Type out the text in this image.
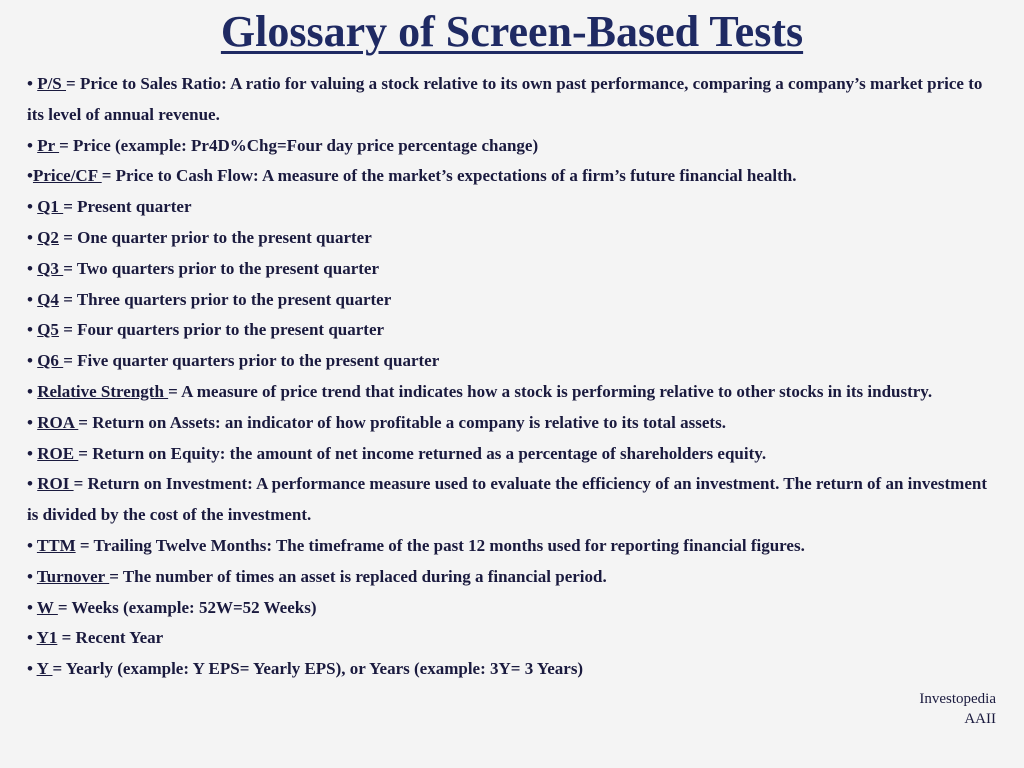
Glossary of Screen-Based Tests
• P/S = Price to Sales Ratio: A ratio for valuing a stock relative to its own past performance, comparing a company’s market price to its level of annual revenue.
• Pr = Price (example: Pr4D%Chg=Four day price percentage change)
•Price/CF = Price to Cash Flow: A measure of the market’s expectations of a firm’s future financial health.
• Q1 = Present quarter
• Q2 = One quarter prior to the present quarter
• Q3 = Two quarters prior to the present quarter
• Q4 = Three quarters prior to the present quarter
• Q5 = Four quarters prior to the present quarter
• Q6 = Five quarter quarters prior to the present quarter
• Relative Strength = A measure of price trend that indicates how a stock is performing relative to other stocks in its industry.
• ROA = Return on Assets: an indicator of how profitable a company is relative to its total assets.
• ROE = Return on Equity: the amount of net income returned as a percentage of shareholders equity.
• ROI = Return on Investment: A performance measure used to evaluate the efficiency of an investment. The return of an investment is divided by the cost of the investment.
• TTM = Trailing Twelve Months: The timeframe of the past 12 months used for reporting financial figures.
• Turnover = The number of times an asset is replaced during a financial period.
• W = Weeks (example: 52W=52 Weeks)
• Y1 = Recent Year
• Y = Yearly (example: Y EPS= Yearly EPS), or Years (example: 3Y= 3 Years)
Investopedia
AAII
